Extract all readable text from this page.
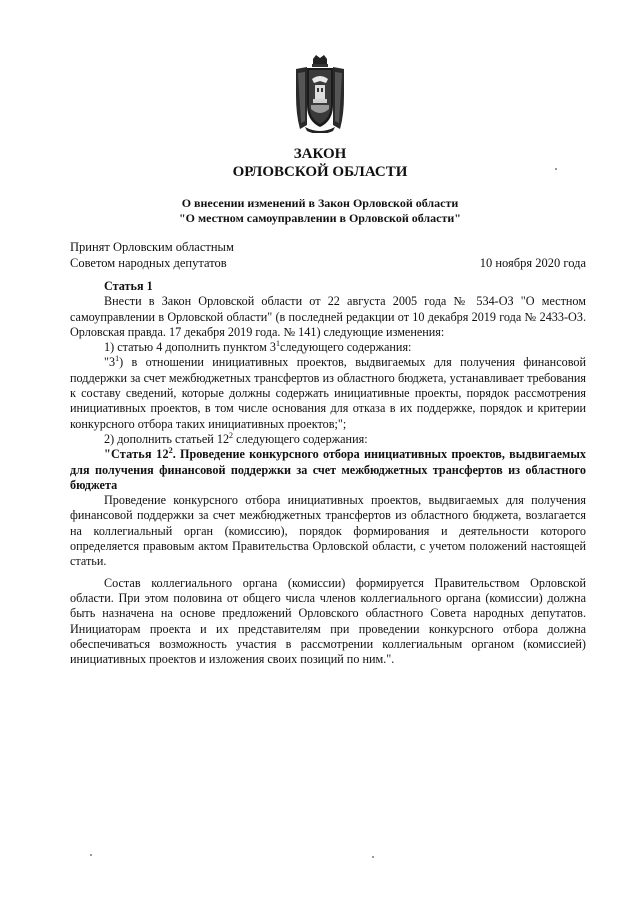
ЗАКОН
ОРЛОВСКОЙ ОБЛАСТИ
О внесении изменений в Закон Орловской области
"О местном самоуправлении в Орловской области"
Принят Орловским областным
Советом народных депутатов	10 ноября 2020 года

Статья 1

Внести в Закон Орловской области от 22 августа 2005 года № 534-ОЗ "О местном самоуправлении в Орловской области" (в последней редакции от 10 декабря 2019 года № 2433-ОЗ. Орловская правда. 17 декабря 2019 года. № 141) следующие изменения:

1) статью 4 дополнить пунктом $3^1следующего$ содержания:

"$3^1$) в отношении инициативных проектов, выдвигаемых для получения финансовой поддержки за счет межбюджетных трансфертов из областного бюджета, устанавливает требования к составу сведений, которые должны содержать инициативные проекты, порядок рассмотрения инициативных проектов, в том числе основания для отказа в их поддержке, порядок и критерии конкурсного отбора таких инициативных проектов;";

2) дополнить статьей $12^2$ следующего содержания:

"Статья $12^2$. Проведение конкурсного отбора инициативных проектов, выдвигаемых для получения финансовой поддержки за счет межбюджетных трансфертов из областного бюджета

Проведение конкурсного отбора инициативных проектов, выдвигаемых для получения финансовой поддержки за счет межбюджетных трансфертов из областного бюджета, возлагается на коллегиальный орган (комиссию), порядок формирования и деятельности которого определяется правовым актом Правительства Орловской области, с учетом положений настоящей статьи.

Состав коллегиального органа (комиссии) формируется Правительством Орловской области. При этом половина от общего числа членов коллегиального органа (комиссии) должна быть назначена на основе предложений Орловского областного Совета народных депутатов. Инициаторам проекта и их представителям при проведении конкурсного отбора должна обеспечиваться возможность участия в рассмотрении коллегиальным органом (комиссией) инициативных проектов и изложения своих позиций по ним.".
